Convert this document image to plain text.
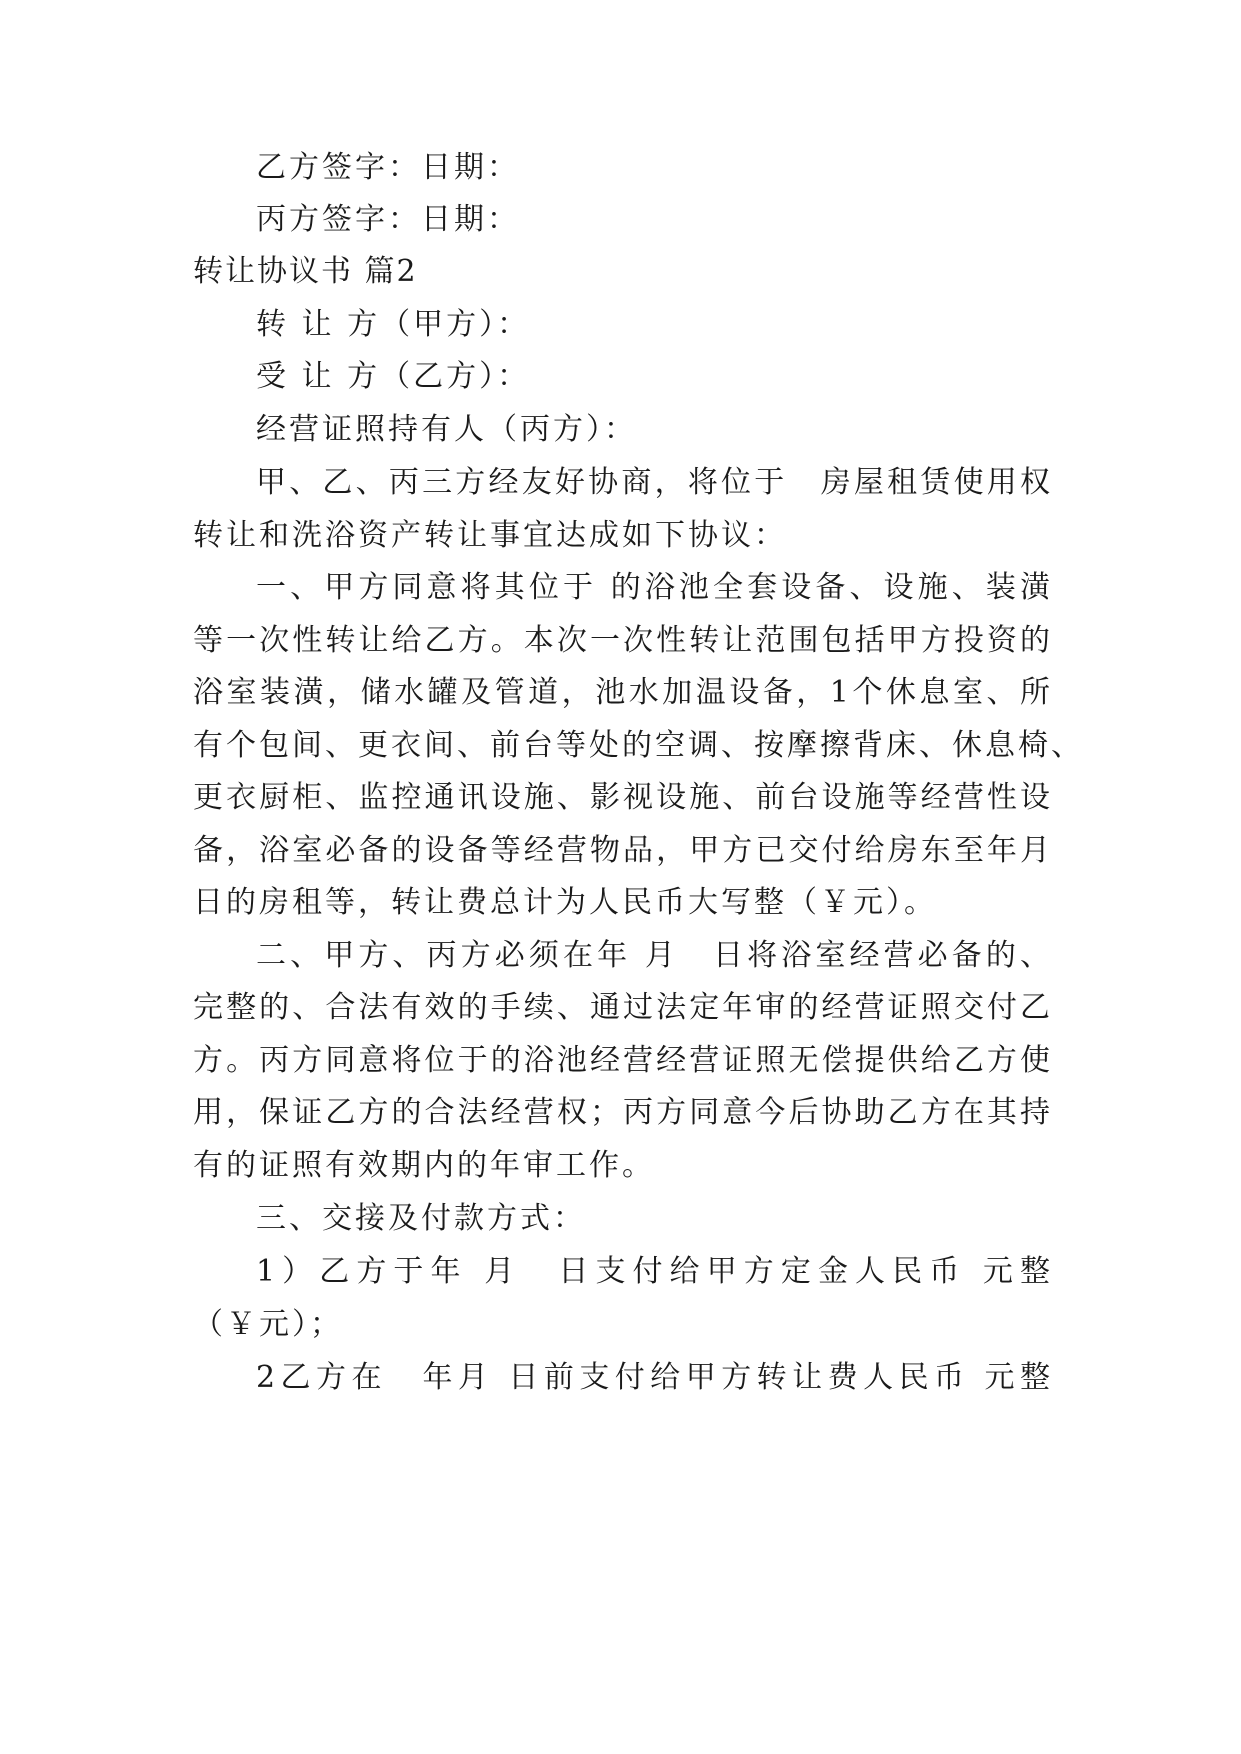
乙方签字：日期：
丙方签字：日期：
转让协议书 篇2
转 让 方（甲方）：
受 让 方（乙方）：
经营证照持有人（丙方）：
甲、乙、丙三方经友好协商，将位于　房屋租赁使用权
转让和洗浴资产转让事宜达成如下协议：
一、甲方同意将其位于 的浴池全套设备、设施、装潢
等一次性转让给乙方。本次一次性转让范围包括甲方投资的
浴室装潢，储水罐及管道，池水加温设备，1个休息室、所
有个包间、更衣间、前台等处的空调、按摩擦背床、休息椅、
更衣厨柜、监控通讯设施、影视设施、前台设施等经营性设
备，浴室必备的设备等经营物品，甲方已交付给房东至年月
日的房租等，转让费总计为人民币大写整（￥元）。
二、甲方、丙方必须在年 月　日将浴室经营必备的、
完整的、合法有效的手续、通过法定年审的经营证照交付乙
方。丙方同意将位于的浴池经营经营证照无偿提供给乙方使
用，保证乙方的合法经营权；丙方同意今后协助乙方在其持
有的证照有效期内的年审工作。
三、交接及付款方式：
1）乙方于年 月　日支付给甲方定金人民币 元整
（￥元）；
2乙方在　年月 日前支付给甲方转让费人民币 元整
